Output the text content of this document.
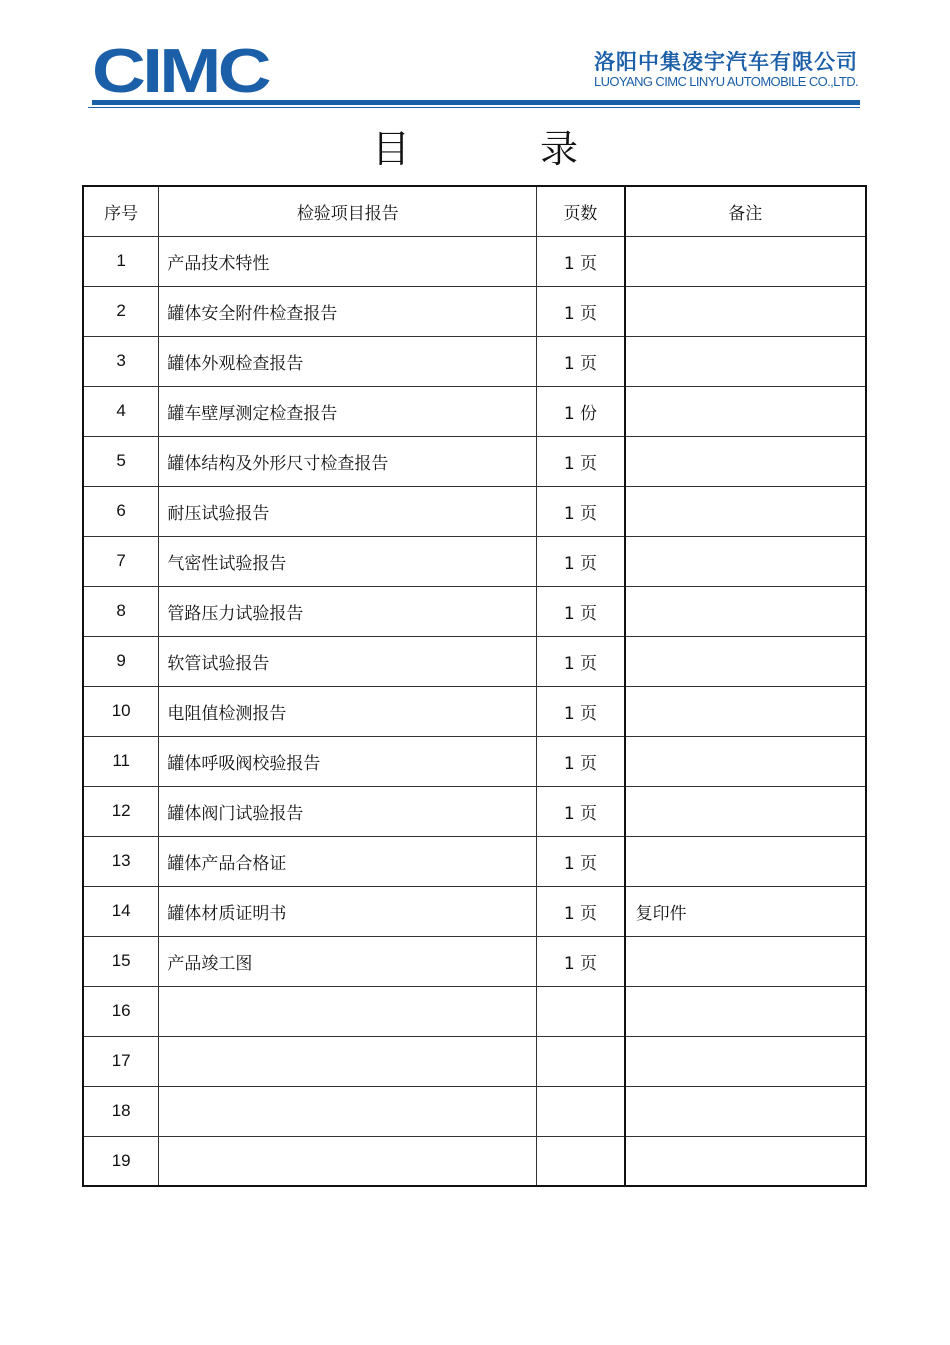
CIMC	洛阳中集凌宇汽车有限公司
LUOYANG CIMC LINYU AUTOMOBILE CO.,LTD.
目	录
序号	检验项目报告	页数	备注
1	产品技术特性	1 页	
2	罐体安全附件检查报告	1 页	
3	罐体外观检查报告	1 页	
4	罐车壁厚测定检查报告	1 份	
5	罐体结构及外形尺寸检查报告	1 页	
6	耐压试验报告	1 页	
7	气密性试验报告	1 页	
8	管路压力试验报告	1 页	
9	软管试验报告	1 页	
10	电阻值检测报告	1 页	
11	罐体呼吸阀校验报告	1 页	
12	罐体阀门试验报告	1 页	
13	罐体产品合格证	1 页	
14	罐体材质证明书	1 页	复印件
15	产品竣工图	1 页	
16			
17			
18			
19			
